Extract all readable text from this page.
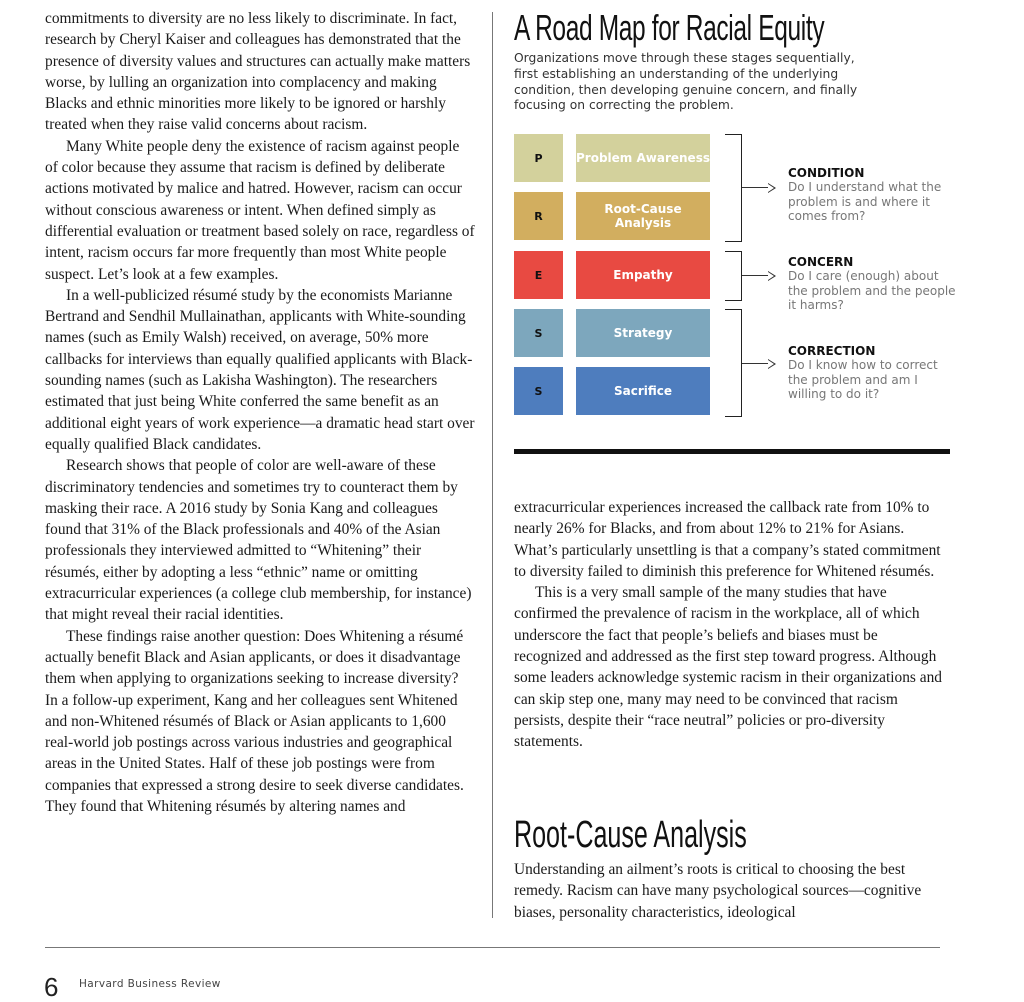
commitments to diversity are no less likely to discriminate. In fact, research by Cheryl Kaiser and colleagues has demonstrated that the presence of diversity values and structures can actually make matters worse, by lulling an organization into complacency and making Blacks and ethnic minorities more likely to be ignored or harshly treated when they raise valid concerns about racism.

Many White people deny the existence of racism against people of color because they assume that racism is defined by deliberate actions motivated by malice and hatred. However, racism can occur without conscious awareness or intent. When defined simply as differential evaluation or treatment based solely on race, regardless of intent, racism occurs far more frequently than most White people suspect. Let’s look at a few examples.

In a well-publicized résumé study by the economists Marianne Bertrand and Sendhil Mullainathan, applicants with White-sounding names (such as Emily Walsh) received, on average, 50% more callbacks for interviews than equally qualified applicants with Black-sounding names (such as Lakisha Washington). The researchers estimated that just being White conferred the same benefit as an additional eight years of work experience—a dramatic head start over equally qualified Black candidates.

Research shows that people of color are well-aware of these discriminatory tendencies and sometimes try to counteract them by masking their race. A 2016 study by Sonia Kang and colleagues found that 31% of the Black professionals and 40% of the Asian professionals they interviewed admitted to “Whitening” their résumés, either by adopting a less “ethnic” name or omitting extracurricular experiences (a college club membership, for instance) that might reveal their racial identities.

These findings raise another question: Does Whitening a résumé actually benefit Black and Asian applicants, or does it disadvantage them when applying to organizations seeking to increase diversity? In a follow-up experiment, Kang and her colleagues sent Whitened and non-Whitened résumés of Black or Asian applicants to 1,600 real-world job postings across various industries and geographical areas in the United States. Half of these job postings were from companies that expressed a strong desire to seek diverse candidates. They found that Whitening résumés by altering names and

A Road Map for Racial Equity
Organizations move through these stages sequentially, first establishing an understanding of the underlying condition, then developing genuine concern, and finally focusing on correcting the problem.
P	Problem Awareness
R	Root-Cause Analysis
E	Empathy
S	Strategy
S	Sacrifice
CONDITION
Do I understand what the problem is and where it comes from?
CONCERN
Do I care (enough) about the problem and the people it harms?
CORRECTION
Do I know how to correct the problem and am I willing to do it?

extracurricular experiences increased the callback rate from 10% to nearly 26% for Blacks, and from about 12% to 21% for Asians. What’s particularly unsettling is that a company’s stated commitment to diversity failed to diminish this preference for Whitened résumés.

This is a very small sample of the many studies that have confirmed the prevalence of racism in the workplace, all of which underscore the fact that people’s beliefs and biases must be recognized and addressed as the first step toward progress. Although some leaders acknowledge systemic racism in their organizations and can skip step one, many may need to be convinced that racism persists, despite their “race neutral” policies or pro-diversity statements.

Root-Cause Analysis

Understanding an ailment’s roots is critical to choosing the best remedy. Racism can have many psychological sources—cognitive biases, personality characteristics, ideological

6 Harvard Business Review
